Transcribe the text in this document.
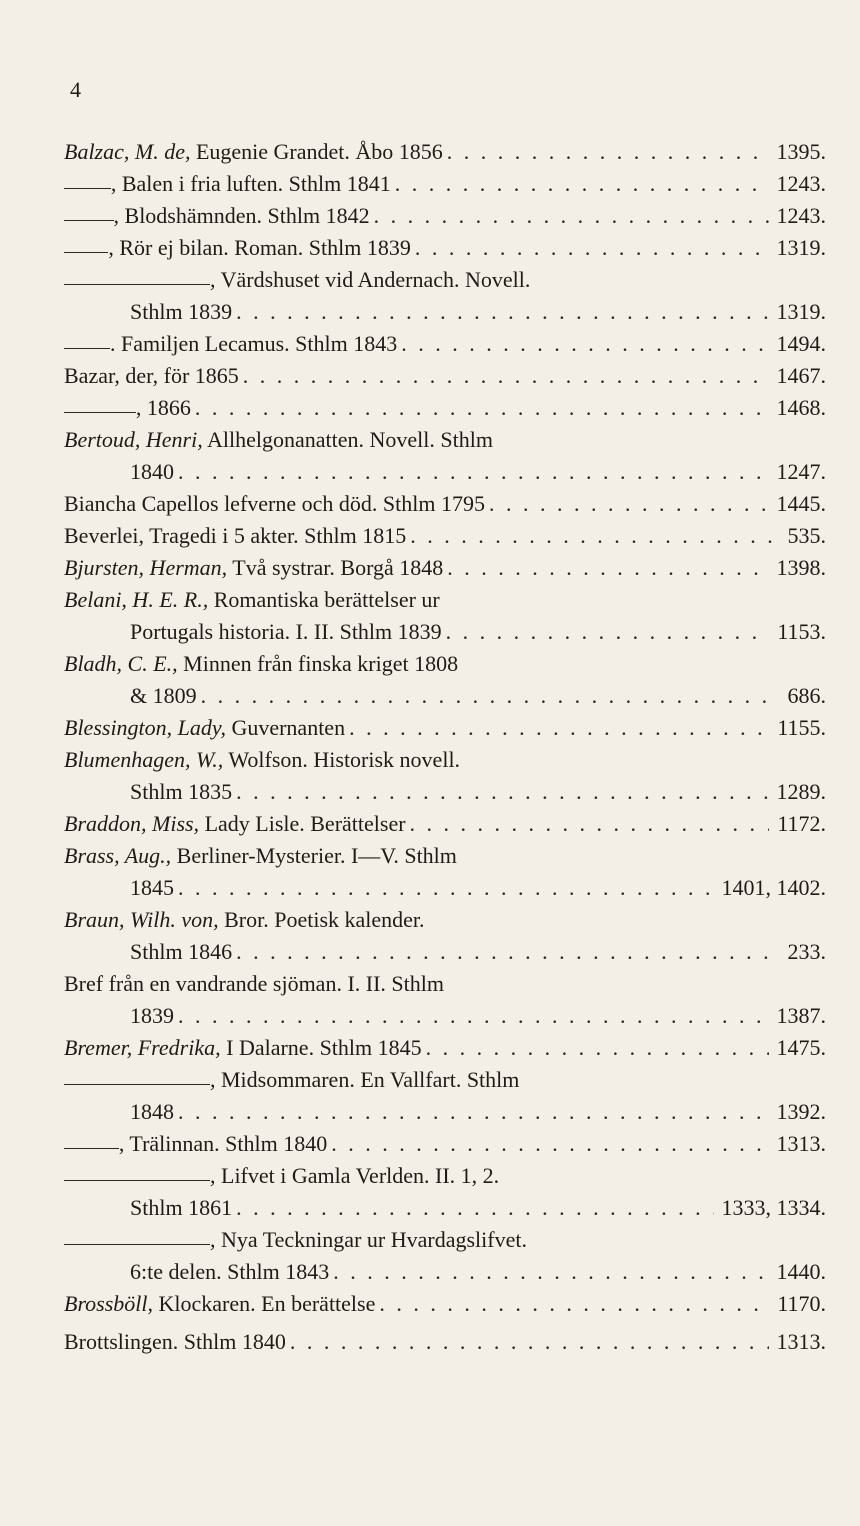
4
Balzac, M. de, Eugenie Grandet. Åbo 1856 . . .	1395.
, Balen i fria luften. Sthlm 1841 . . .	1243.
, Blodshämnden. Sthlm 1842 . . .	1243.
, Rör ej bilan. Roman. Sthlm 1839 . . .	1319.
, Värdshuset vid Andernach. Novell.
Sthlm 1839 . . .	1319.
. Familjen Lecamus. Sthlm 1843 . . .	1494.
Bazar, der, för 1865 . . .	1467.
, 1866 . . .	1468.
Bertoud, Henri, Allhelgonanatten. Novell. Sthlm
1840 . . .	1247.
Biancha Capellos lefverne och död. Sthlm 1795 . . .	1445.
Beverlei, Tragedi i 5 akter. Sthlm 1815 . . .	535.
Bjursten, Herman, Två systrar. Borgå 1848 . . .	1398.
Belani, H. E. R., Romantiska berättelser ur
Portugals historia. I. II. Sthlm 1839 . . .	1153.
Bladh, C. E., Minnen från finska kriget 1808
& 1809 . . .	686.
Blessington, Lady, Guvernanten . . .	1155.
Blumenhagen, W., Wolfson. Historisk novell.
Sthlm 1835 . . .	1289.
Braddon, Miss, Lady Lisle. Berättelser . . .	1172.
Brass, Aug., Berliner-Mysterier. I—V. Sthlm
1845 . . .	1401, 1402.
Braun, Wilh. von, Bror. Poetisk kalender.
Sthlm 1846 . . .	233.
Bref från en vandrande sjöman. I. II. Sthlm
1839 . . .	1387.
Bremer, Fredrika, I Dalarne. Sthlm 1845 . . .	1475.
, Midsommaren. En Vallfart. Sthlm
1848 . . .	1392.
, Trälinnan. Sthlm 1840 . . .	1313.
, Lifvet i Gamla Verlden. II. 1, 2.
Sthlm 1861 . . .	1333, 1334.
, Nya Teckningar ur Hvardagslifvet.
6:te delen. Sthlm 1843 . . .	1440.
Brossböll, Klockaren. En berättelse . . .	1170.
Brottslingen. Sthlm 1840 . . .	1313.
